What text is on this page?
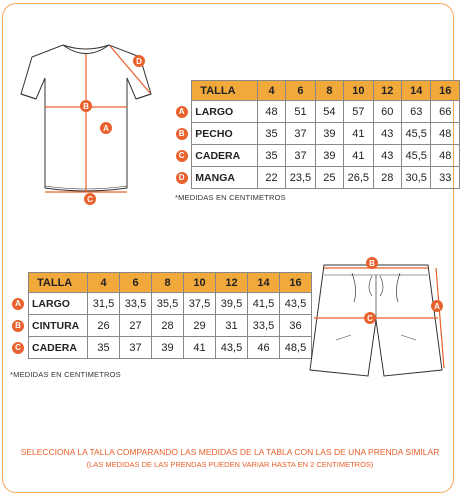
B
A
C
D
	TALLA	4	6	8	10	12	14	16
A	LARGO	48	51	54	57	60	63	66
B	PECHO	35	37	39	41	43	45,5	48
C	CADERA	35	37	39	41	43	45,5	48
D	MANGA	22	23,5	25	26,5	28	30,5	33
*MEDIDAS EN CENTIMETROS
	TALLA	4	6	8	10	12	14	16
A	LARGO	31,5	33,5	35,5	37,5	39,5	41,5	43,5
B	CINTURA	26	27	28	29	31	33,5	36
C	CADERA	35	37	39	41	43,5	46	48,5
*MEDIDAS EN CENTIMETROS
B
C
A
SELECCIONA LA TALLA COMPARANDO LAS MEDIDAS DE LA TABLA CON LAS DE UNA PRENDA SIMILAR
(LAS MEDIDAS DE LAS PRENDAS PUEDEN VARIAR HASTA EN 2 CENTIMETROS)
